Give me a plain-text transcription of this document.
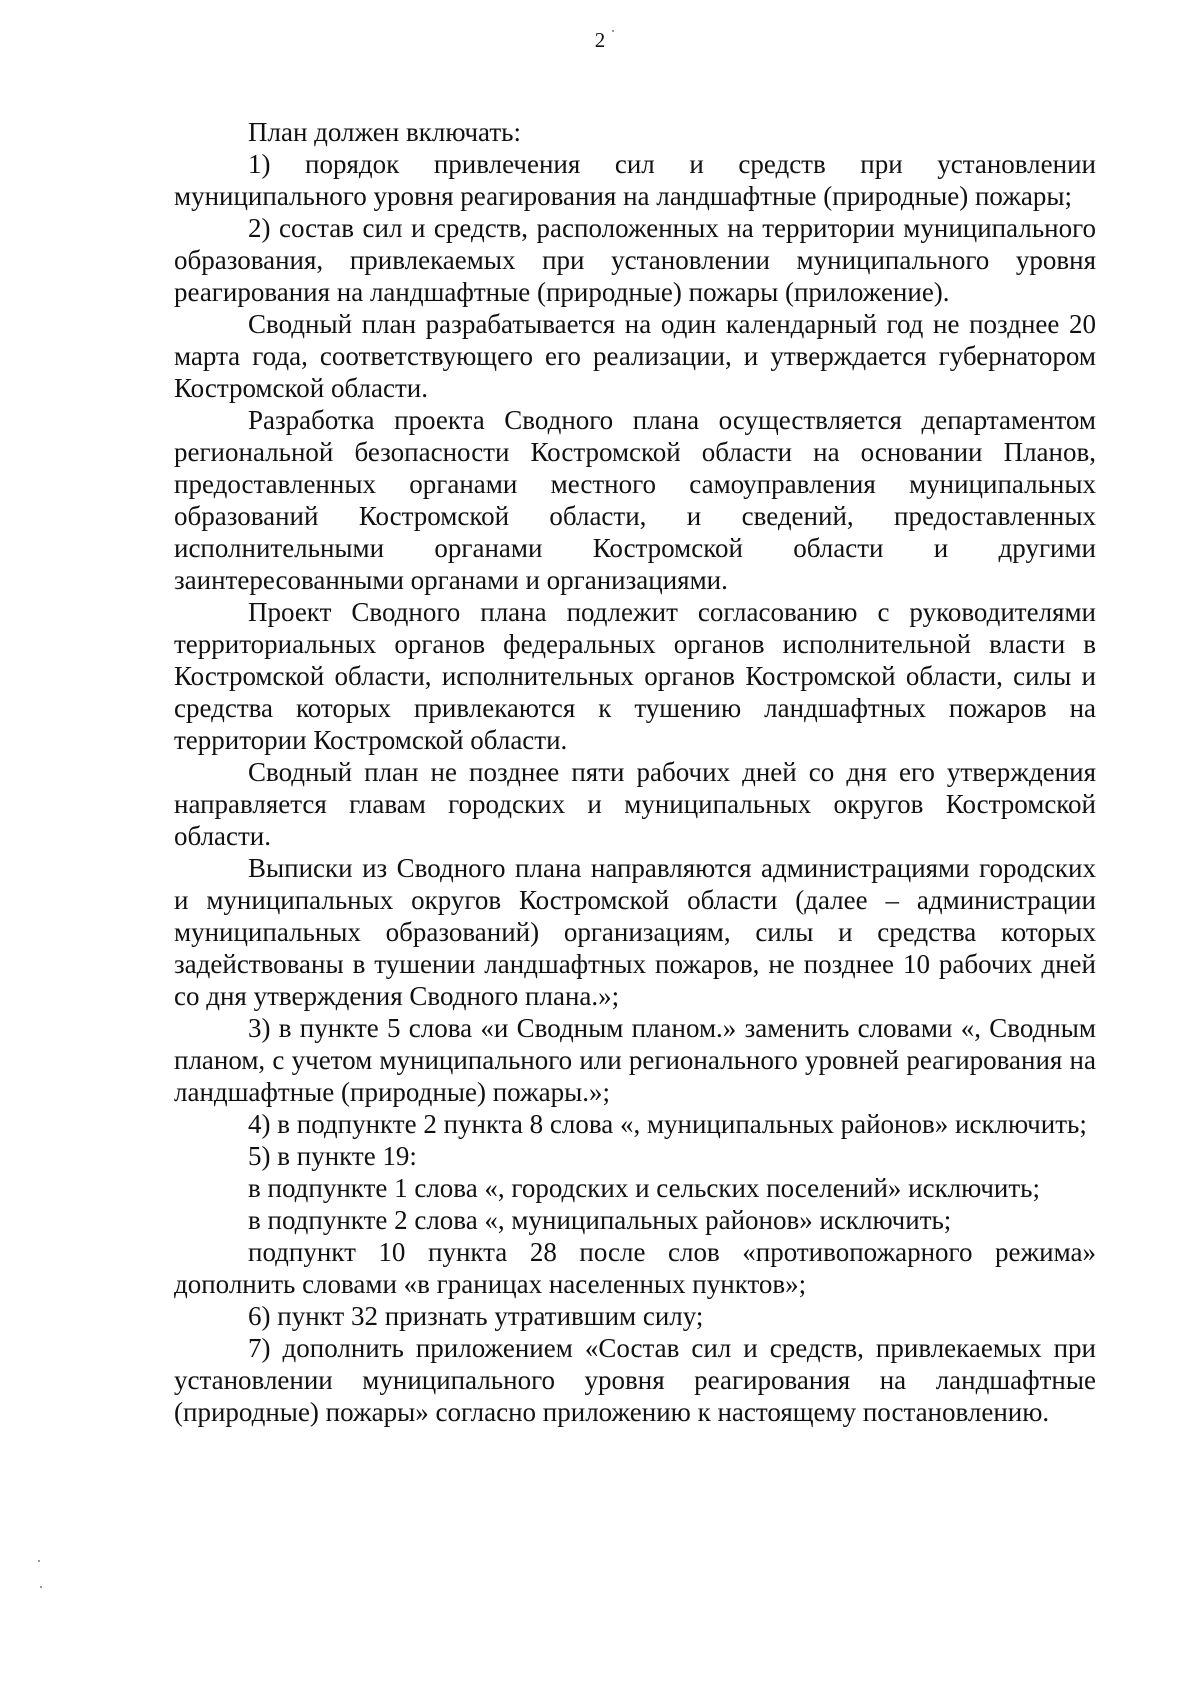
2

План должен включать:

1) порядок привлечения сил и средств при установлении муниципального уровня реагирования на ландшафтные (природные) пожары;

2) состав сил и средств, расположенных на территории муниципального образования, привлекаемых при установлении муниципального уровня реагирования на ландшафтные (природные) пожары (приложение).

Сводный план разрабатывается на один календарный год не позднее 20 марта года, соответствующего его реализации, и утверждается губернатором Костромской области.

Разработка проекта Сводного плана осуществляется департаментом региональной безопасности Костромской области на основании Планов, предоставленных органами местного самоуправления муниципальных образований Костромской области, и сведений, предоставленных исполнительными органами Костромской области и другими заинтересованными органами и организациями.

Проект Сводного плана подлежит согласованию с руководителями территориальных органов федеральных органов исполнительной власти в Костромской области, исполнительных органов Костромской области, силы и средства которых привлекаются к тушению ландшафтных пожаров на территории Костромской области.

Сводный план не позднее пяти рабочих дней со дня его утверждения направляется главам городских и муниципальных округов Костромской области.

Выписки из Сводного плана направляются администрациями городских и муниципальных округов Костромской области (далее – администрации муниципальных образований) организациям, силы и средства которых задействованы в тушении ландшафтных пожаров, не позднее 10 рабочих дней со дня утверждения Сводного плана.»;

3) в пункте 5 слова «и Сводным планом.» заменить словами «, Сводным планом, с учетом муниципального или регионального уровней реагирования на ландшафтные (природные) пожары.»;

4) в подпункте 2 пункта 8 слова «, муниципальных районов» исключить;

5) в пункте 19:

в подпункте 1 слова «, городских и сельских поселений» исключить;

в подпункте 2 слова «, муниципальных районов» исключить;

подпункт 10 пункта 28 после слов «противопожарного режима» дополнить словами «в границах населенных пунктов»;

6) пункт 32 признать утратившим силу;

7) дополнить приложением «Состав сил и средств, привлекаемых при установлении муниципального уровня реагирования на ландшафтные (природные) пожары» согласно приложению к настоящему постановлению.
